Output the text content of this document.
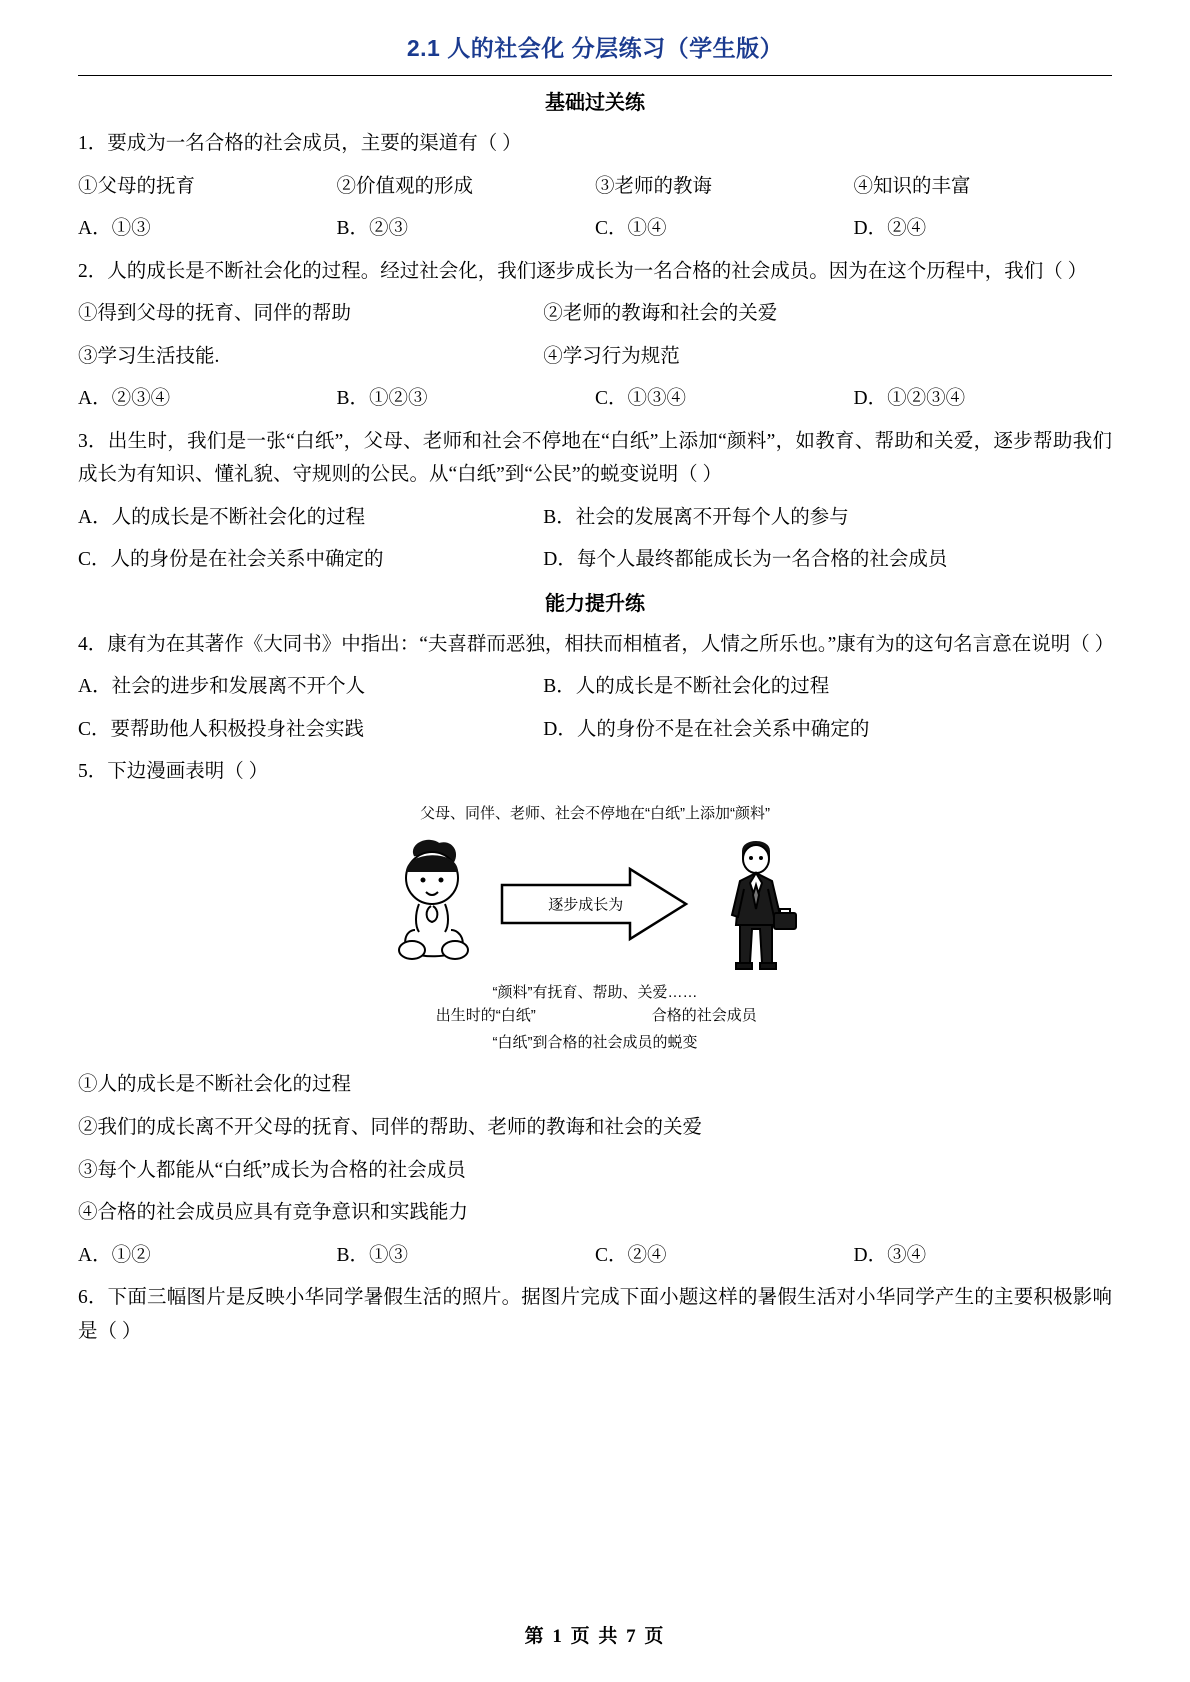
2.1 人的社会化 分层练习（学生版）
基础过关练
1．要成为一名合格的社会成员，主要的渠道有（ ）
①父母的抚育	②价值观的形成	③老师的教诲	④知识的丰富
A．①③	B．②③	C．①④	D．②④
2．人的成长是不断社会化的过程。经过社会化，我们逐步成长为一名合格的社会成员。因为在这个历程中，我们（ ）
①得到父母的抚育、同伴的帮助	②老师的教诲和社会的关爱
③学习生活技能.	④学习行为规范
A．②③④	B．①②③	C．①③④	D．①②③④
3．出生时，我们是一张“白纸”，父母、老师和社会不停地在“白纸”上添加“颜料”，如教育、帮助和关爱，逐步帮助我们成长为有知识、懂礼貌、守规则的公民。从“白纸”到“公民”的蜕变说明（ ）
A．人的成长是不断社会化的过程	B．社会的发展离不开每个人的参与
C．人的身份是在社会关系中确定的	D．每个人最终都能成长为一名合格的社会成员
能力提升练
4．康有为在其著作《大同书》中指出：“夫喜群而恶独，相扶而相植者，人情之所乐也。”康有为的这句名言意在说明（ ）
A．社会的进步和发展离不开个人	B．人的成长是不断社会化的过程
C．要帮助他人积极投身社会实践	D．人的身份不是在社会关系中确定的
5．下边漫画表明（ ）
父母、同伴、老师、社会不停地在“白纸”上添加“颜料”
逐步成长为
“颜料”有抚育、帮助、关爱……
出生时的“白纸”	合格的社会成员
“白纸”到合格的社会成员的蜕变
①人的成长是不断社会化的过程
②我们的成长离不开父母的抚育、同伴的帮助、老师的教诲和社会的关爱
③每个人都能从“白纸”成长为合格的社会成员
④合格的社会成员应具有竞争意识和实践能力
A．①②	B．①③	C．②④	D．③④
6．下面三幅图片是反映小华同学暑假生活的照片。据图片完成下面小题这样的暑假生活对小华同学产生的主要积极影响是（ ）
第 1 页 共 7 页
